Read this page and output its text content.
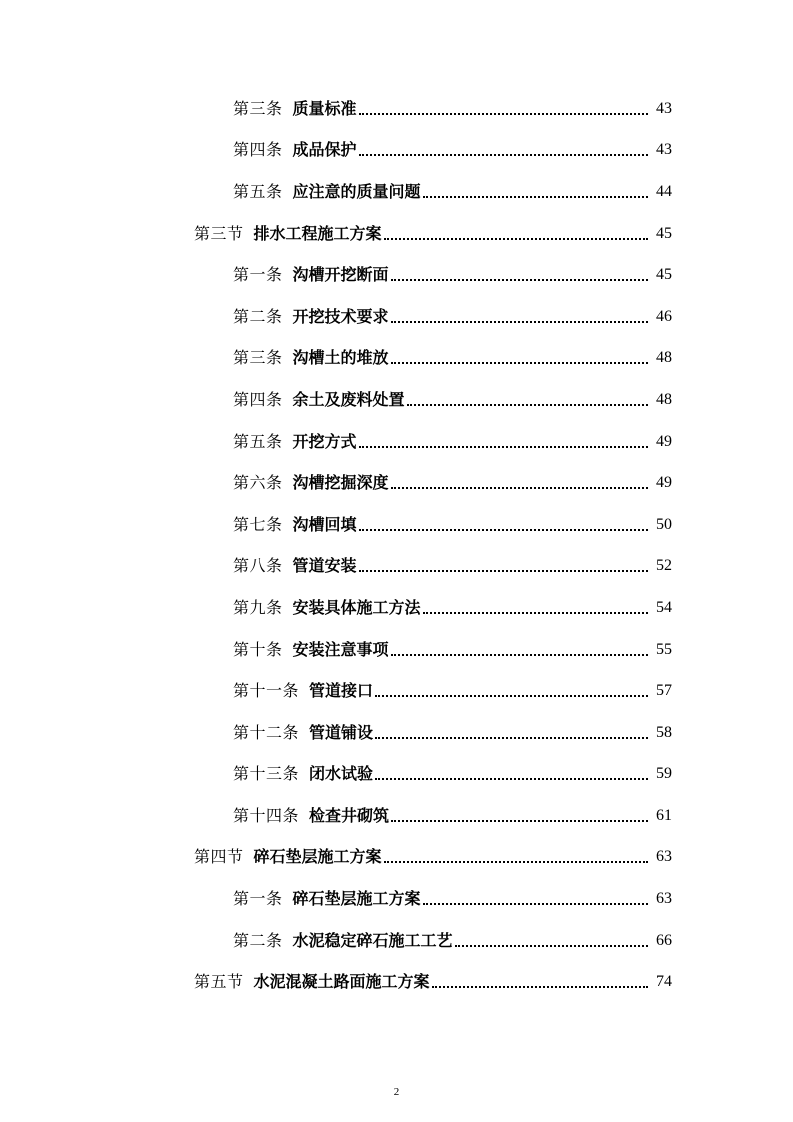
第三条 质量标准	43
第四条 成品保护	43
第五条 应注意的质量问题	44
第三节 排水工程施工方案	45
第一条 沟槽开挖断面	45
第二条 开挖技术要求	46
第三条 沟槽土的堆放	48
第四条 余土及废料处置	48
第五条 开挖方式	49
第六条 沟槽挖掘深度	49
第七条 沟槽回填	50
第八条 管道安装	52
第九条 安装具体施工方法	54
第十条 安装注意事项	55
第十一条 管道接口	57
第十二条 管道铺设	58
第十三条 闭水试验	59
第十四条 检查井砌筑	61
第四节 碎石垫层施工方案	63
第一条 碎石垫层施工方案	63
第二条 水泥稳定碎石施工工艺	66
第五节 水泥混凝土路面施工方案	74
2
